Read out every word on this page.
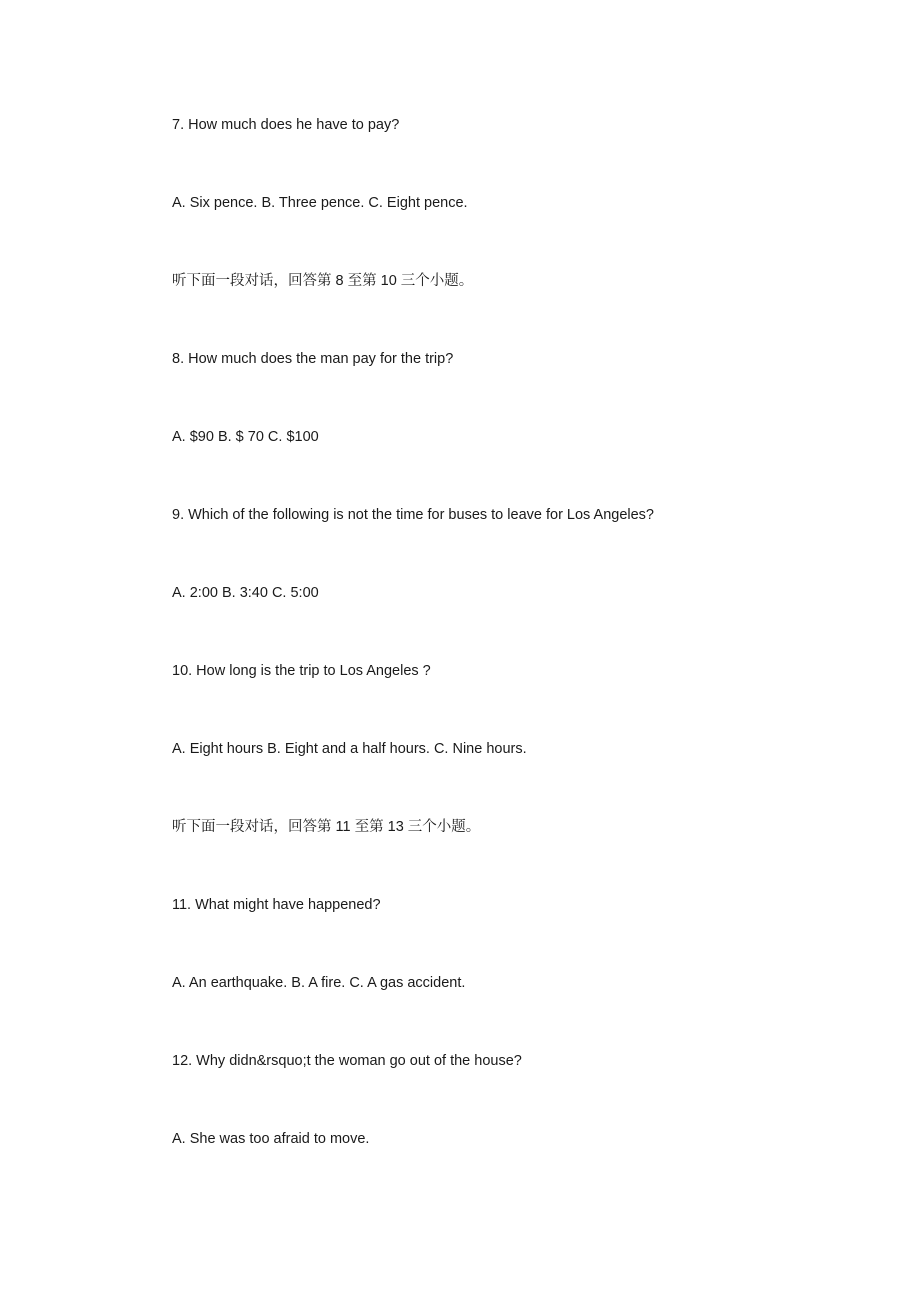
7. How much does he have to pay?

A. Six pence. B. Three pence. C. Eight pence.

听下面一段对话，回答第 8 至第 10 三个小题。

8. How much does the man pay for the trip?

A. $90 B. $ 70 C. $100

9. Which of the following is not the time for buses to leave for Los Angeles?

A. 2:00 B. 3:40 C. 5:00

10. How long is the trip to Los Angeles ?

A. Eight hours B. Eight and a half hours. C. Nine hours.

听下面一段对话，回答第 11 至第 13 三个小题。

11. What might have happened?

A. An earthquake. B. A fire. C. A gas accident.

12. Why didn&rsquo;t the woman go out of the house?

A. She was too afraid to move.
